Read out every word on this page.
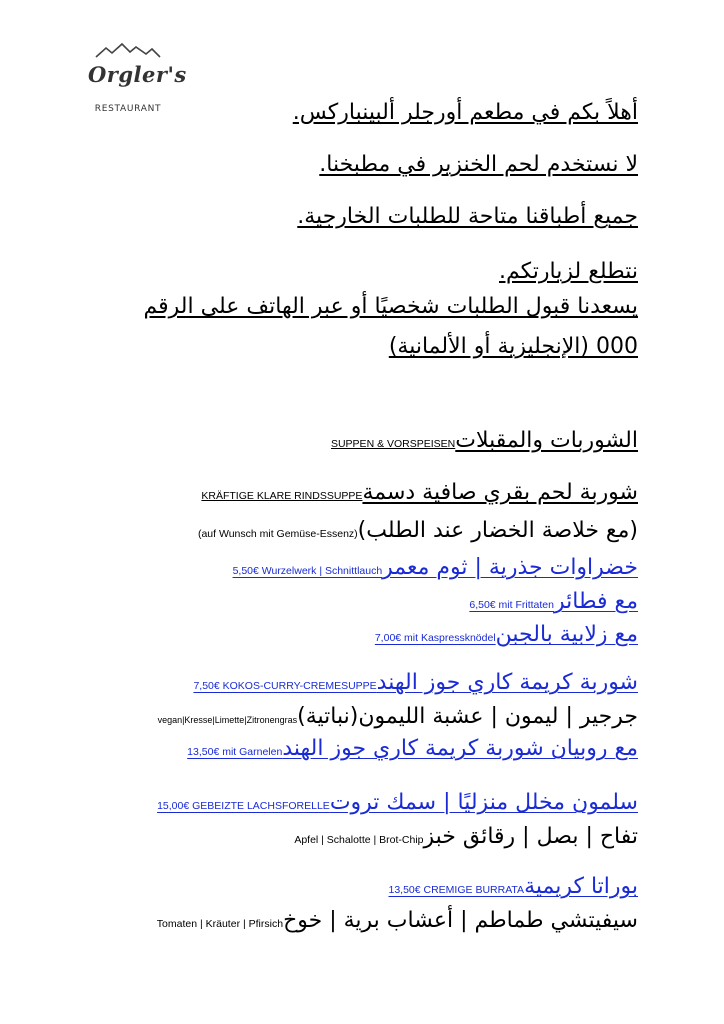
Orgler's
RESTAURANT	أهلاً بكم في مطعم أورجلر ألبينباركس.
لا نستخدم لحم الخنزير في مطبخنا.
جميع أطباقنا متاحة للطلبات الخارجية.
نتطلع لزيارتكم.
يسعدنا قبول الطلبات شخصيًا أو عبر الهاتف على الرقم
000 (الإنجليزية أو الألمانية)
الشوربات والمقبلاتSUPPEN & VORSPEISEN
شوربة لحم بقري صافية دسمةKRÄFTIGE KLARE RINDSSUPPE
(مع خلاصة الخضار عند الطلب)(auf Wunsch mit Gemüse-Essenz)
خضراوات جذرية | ثوم معمر5,50€ Wurzelwerk | Schnittlauch
مع فطائر6,50€ mit Frittaten
مع زلابية بالجبن7,00€ mit Kaspressknödel
شوربة كريمة كاري جوز الهند7,50€ KOKOS-CURRY-CREMESUPPE
جرجير | ليمون | عشبة الليمون(نباتية)vegan|Kresse|Limette|Zitronengras
مع روبيان شوربة كريمة كاري جوز الهند13,50€ mit Garnelen
سلمون مخلل منزليًا | سمك تروت15,00€ GEBEIZTE LACHSFORELLE
تفاح | بصل | رقائق خبزApfel | Schalotte | Brot-Chip
بوراتا كريمية13,50€ CREMIGE BURRATA
سيفيتشي طماطم | أعشاب برية | خوخTomaten | Kräuter | Pfirsich
